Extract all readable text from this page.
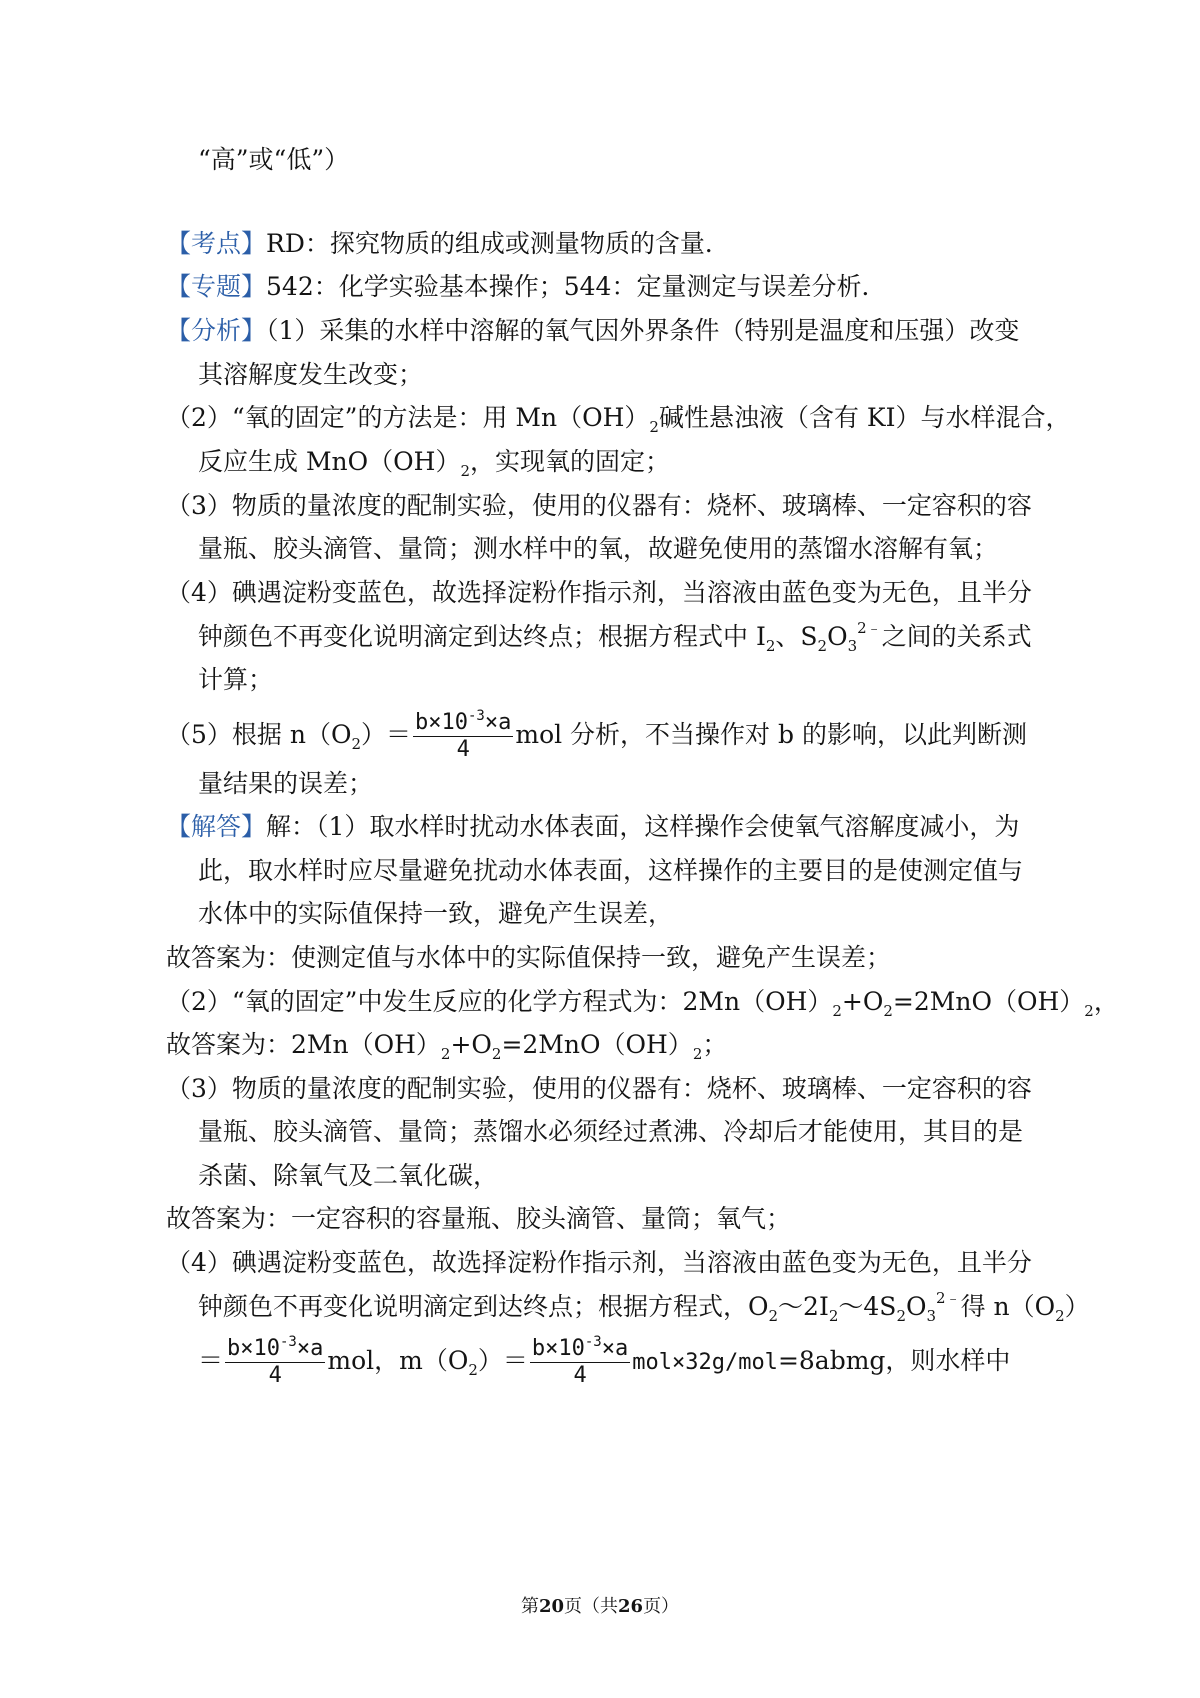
“高”或“低”）
【考点】RD：探究物质的组成或测量物质的含量．
【专题】542：化学实验基本操作；544：定量测定与误差分析．
【分析】（1）采集的水样中溶解的氧气因外界条件（特别是温度和压强）改变
其溶解度发生改变；
（2）“氧的固定”的方法是：用 $Mn(OH)_2$碱性悬浊液（含有 KI）与水样混合，
反应生成 $MnO(OH)_2$，实现氧的固定；
（3）物质的量浓度的配制实验，使用的仪器有：烧杯、玻璃棒、一定容积的容
量瓶、胶头滴管、量筒；测水样中的氧，故避免使用的蒸馏水溶解有氧；
（4）碘遇淀粉变蓝色，故选择淀粉作指示剂，当溶液由蓝色变为无色，且半分
钟颜色不再变化说明滴定到达终点；根据方程式中 $I_2$、$S_2O_3^{2﹣}$之间的关系式
计算；
（5）根据 $n(O_2)= \frac{b\times 10^{-3}\times a}{4}$ mol 分析，不当操作对 b 的影响，以此判断测
量结果的误差；
【解答】解：（1）取水样时扰动水体表面，这样操作会使氧气溶解度减小，为
此，取水样时应尽量避免扰动水体表面，这样操作的主要目的是使测定值与
水体中的实际值保持一致，避免产生误差，
故答案为：使测定值与水体中的实际值保持一致，避免产生误差；
（2）“氧的固定”中发生反应的化学方程式为：$2Mn(OH)_2+O_2=2MnO(OH)_2$，
故答案为：$2Mn(OH)_2+O_2=2MnO(OH)_2$；
（3）物质的量浓度的配制实验，使用的仪器有：烧杯、玻璃棒、一定容积的容
量瓶、胶头滴管、量筒；蒸馏水必须经过煮沸、冷却后才能使用，其目的是
杀菌、除氧气及二氧化碳，
故答案为：一定容积的容量瓶、胶头滴管、量筒；氧气；
（4）碘遇淀粉变蓝色，故选择淀粉作指示剂，当溶液由蓝色变为无色，且半分
钟颜色不再变化说明滴定到达终点；根据方程式，$O_2\sim 2I_2\sim 4S_2O_3^{2﹣}$得 $n(O_2)$
＝ $\frac{b\times 10^{-3}\times a}{4}$ mol，$m(O_2)= \frac{b\times 10^{-3}\times a}{4}$ mol×32g/mol=8abmg，则水样中
第20页（共26页）
